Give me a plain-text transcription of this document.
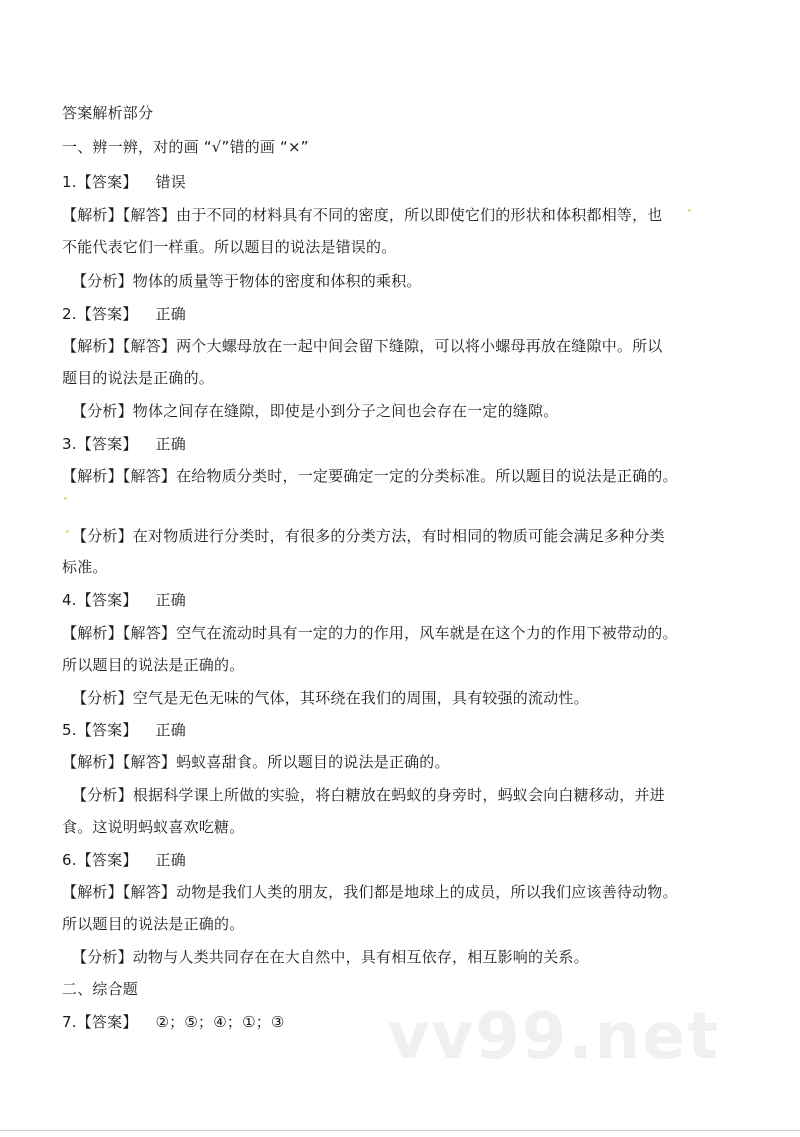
答案解析部分
一、辨一辨，对的画 “√”错的画 “×”
1.【答案】 错误
【解析】【解答】由于不同的材料具有不同的密度，所以即使它们的形状和体积都相等，也
不能代表它们一样重。所以题目的说法是错误的。
【分析】物体的质量等于物体的密度和体积的乘积。
2.【答案】 正确
【解析】【解答】两个大螺母放在一起中间会留下缝隙，可以将小螺母再放在缝隙中。所以
题目的说法是正确的。
【分析】物体之间存在缝隙，即使是小到分子之间也会存在一定的缝隙。
3.【答案】 正确
【解析】【解答】在给物质分类时，一定要确定一定的分类标准。所以题目的说法是正确的。
【分析】在对物质进行分类时，有很多的分类方法，有时相同的物质可能会满足多种分类
标准。
4.【答案】 正确
【解析】【解答】空气在流动时具有一定的力的作用，风车就是在这个力的作用下被带动的。
所以题目的说法是正确的。
【分析】空气是无色无味的气体，其环绕在我们的周围，具有较强的流动性。
5.【答案】 正确
【解析】【解答】蚂蚁喜甜食。所以题目的说法是正确的。
【分析】根据科学课上所做的实验，将白糖放在蚂蚁的身旁时，蚂蚁会向白糖移动，并进
食。这说明蚂蚁喜欢吃糖。
6.【答案】 正确
【解析】【解答】动物是我们人类的朋友，我们都是地球上的成员，所以我们应该善待动物。
所以题目的说法是正确的。
【分析】动物与人类共同存在在大自然中，具有相互依存，相互影响的关系。
二、综合题
7.【答案】 ②；⑤；④；①；③ vv99.net
